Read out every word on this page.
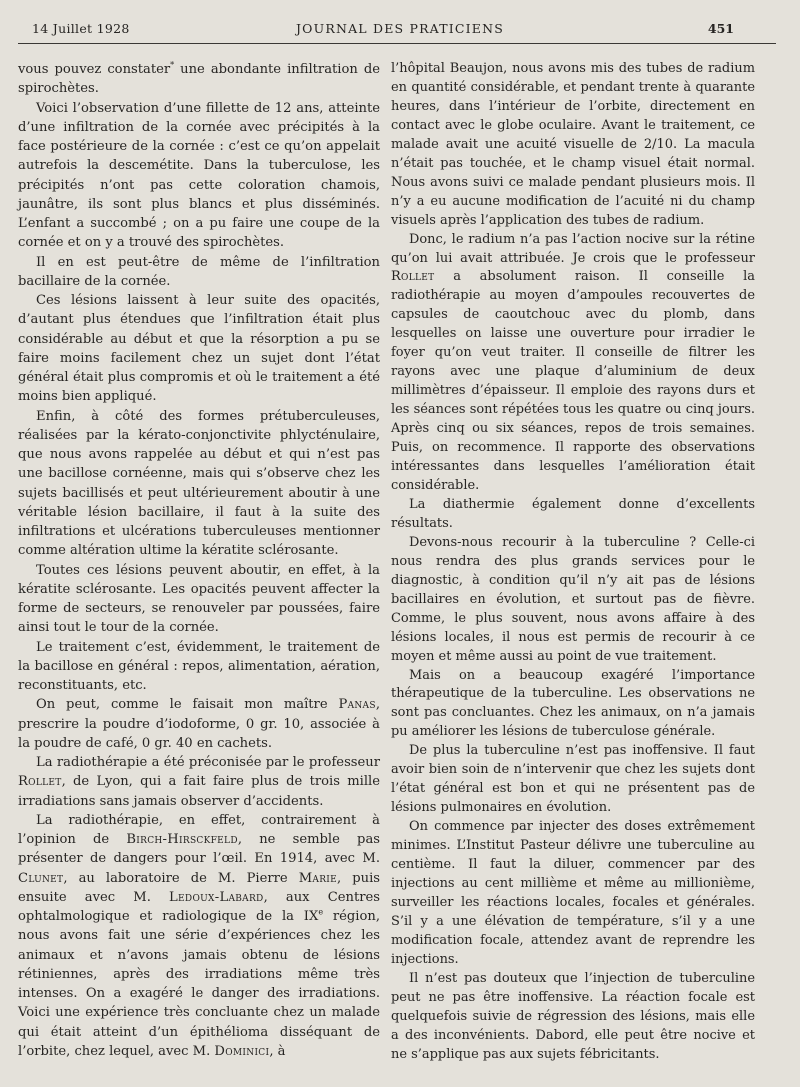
14 Juillet 1928	JOURNAL DES PRATICIENS	451

vous pouvez constater* une abondante infiltration de spirochètes.

Voici l’observation d’une fillette de 12 ans, atteinte d’une infiltration de la cornée avec précipités à la face postérieure de la cornée : c’est ce qu’on appelait autrefois la descemétite. Dans la tuberculose, les précipités n’ont pas cette coloration chamois, jaunâtre, ils sont plus blancs et plus disséminés. L’enfant a succombé ; on a pu faire une coupe de la cornée et on y a trouvé des spirochètes.

Il en est peut-être de même de l’infiltration bacillaire de la cornée.

Ces lésions laissent à leur suite des opacités, d’autant plus étendues que l’infiltration était plus considérable au début et que la résorption a pu se faire moins facilement chez un sujet dont l’état général était plus compromis et où le traitement a été moins bien appliqué.

Enfin, à côté des formes prétuberculeuses, réalisées par la kérato-conjonctivite phlycténulaire, que nous avons rappelée au début et qui n’est pas une bacillose cornéenne, mais qui s’observe chez les sujets bacillisés et peut ultérieurement aboutir à une véritable lésion bacillaire, il faut à la suite des infiltrations et ulcérations tuberculeuses mentionner comme altération ultime la kératite sclérosante.

Toutes ces lésions peuvent aboutir, en effet, à la kératite sclérosante. Les opacités peuvent affecter la forme de secteurs, se renouveler par poussées, faire ainsi tout le tour de la cornée.

Le traitement c’est, évidemment, le traitement de la bacillose en général : repos, alimentation, aération, reconstituants, etc.

On peut, comme le faisait mon maître Panas, prescrire la poudre d’iodoforme, 0 gr. 10, associée à la poudre de café, 0 gr. 40 en cachets.

La radiothérapie a été préconisée par le professeur Rollet, de Lyon, qui a fait faire plus de trois mille irradiations sans jamais observer d’accidents.

La radiothérapie, en effet, contrairement à l’opinion de Birch-Hirsckfeld, ne semble pas présenter de dangers pour l’œil. En 1914, avec M. Clunet, au laboratoire de M. Pierre Marie, puis ensuite avec M. Ledoux-Labard, aux Centres ophtalmologique et radiologique de la IXe région, nous avons fait une série d’expériences chez les animaux et n’avons jamais obtenu de lésions rétiniennes, après des irradiations même très intenses. On a exagéré le danger des irradiations. Voici une expérience très concluante chez un malade qui était atteint d’un épithélioma disséquant de l’orbite, chez lequel, avec M. Dominici, à

l’hôpital Beaujon, nous avons mis des tubes de radium en quantité considérable, et pendant trente à quarante heures, dans l’intérieur de l’orbite, directement en contact avec le globe oculaire. Avant le traitement, ce malade avait une acuité visuelle de 2/10. La macula n’était pas touchée, et le champ visuel était normal. Nous avons suivi ce malade pendant plusieurs mois. Il n’y a eu aucune modification de l’acuité ni du champ visuels après l’application des tubes de radium.

Donc, le radium n’a pas l’action nocive sur la rétine qu’on lui avait attribuée. Je crois que le professeur Rollet a absolument raison. Il conseille la radiothérapie au moyen d’ampoules recouvertes de capsules de caoutchouc avec du plomb, dans lesquelles on laisse une ouverture pour irradier le foyer qu’on veut traiter. Il conseille de filtrer les rayons avec une plaque d’aluminium de deux millimètres d’épaisseur. Il emploie des rayons durs et les séances sont répétées tous les quatre ou cinq jours. Après cinq ou six séances, repos de trois semaines. Puis, on recommence. Il rapporte des observations intéressantes dans lesquelles l’amélioration était considérable.

La diathermie également donne d’excellents résultats.

Devons-nous recourir à la tuberculine ? Celle-ci nous rendra des plus grands services pour le diagnostic, à condition qu’il n’y ait pas de lésions bacillaires en évolution, et surtout pas de fièvre. Comme, le plus souvent, nous avons affaire à des lésions locales, il nous est permis de recourir à ce moyen et même aussi au point de vue traitement.

Mais on a beaucoup exagéré l’importance thérapeutique de la tuberculine. Les observations ne sont pas concluantes. Chez les animaux, on n’a jamais pu améliorer les lésions de tuberculose générale.

De plus la tuberculine n’est pas inoffensive. Il faut avoir bien soin de n’intervenir que chez les sujets dont l’état général est bon et qui ne présentent pas de lésions pulmonaires en évolution.

On commence par injecter des doses extrêmement minimes. L’Institut Pasteur délivre une tuberculine au centième. Il faut la diluer, commencer par des injections au cent millième et même au millionième, surveiller les réactions locales, focales et générales. S’il y a une élévation de température, s’il y a une modification focale, attendez avant de reprendre les injections.

Il n’est pas douteux que l’injection de tuberculine peut ne pas être inoffensive. La réaction focale est quelquefois suivie de régression des lésions, mais elle a des inconvénients. Dabord, elle peut être nocive et ne s’applique pas aux sujets fébricitants.
